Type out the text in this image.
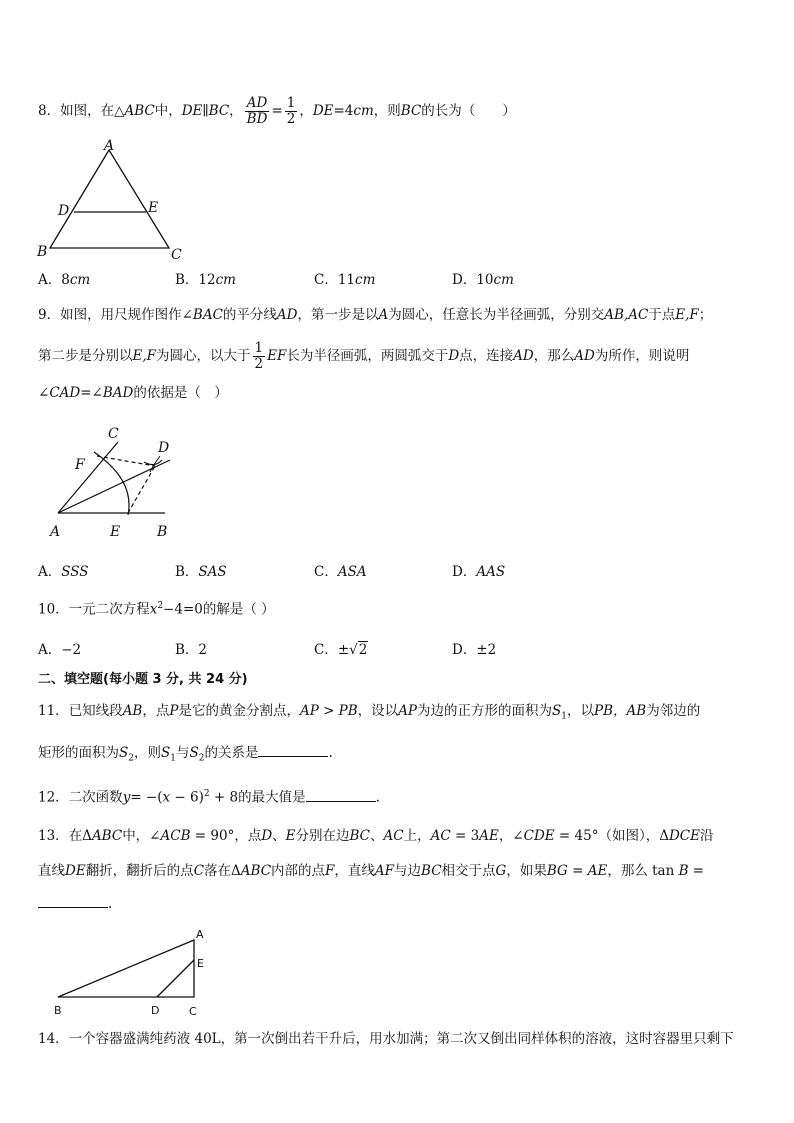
8．如图，在△ABC中，DE∥BC， $\frac{AD}{BD} = \frac{1}{2}$ ，DE=4cm，则BC的长为（　　）
A
D	E
B	C
A．8cm	B．12cm	C．11cm	D．10cm
9．如图，用尺规作图作∠BAC的平分线AD，第一步是以A为圆心，任意长为半径画弧，分别交AB,AC于点E,F；
第二步是分别以E,F为圆心，以大于 $\frac{1}{2}$ EF长为半径画弧，两圆弧交于D点，连接AD，那么AD为所作，则说明
∠CAD=∠BAD的依据是（　）
C
D
F
A	E	B
A．SSS	B．SAS	C．ASA	D．AAS
10．一元二次方程$x^2-4=0$的解是（ ）
A．−2	B．2	C．±√2	D．±2
二、填空题(每小题 3 分, 共 24 分)
11．已知线段AB，点P是它的黄金分割点，AP > PB，设以AP为边的正方形的面积为$S_1$，以PB，AB为邻边的
矩形的面积为$S_2$，则$S_1$与$S_2$的关系是	.
12．二次函数$y= -(x - 6)^2 + 8$的最大值是	.
13．在ΔABC中，∠ACB = 90°，点D、E分别在边BC、AC上，AC = 3AE，∠CDE = 45°（如图），ΔDCE沿
直线DE翻折，翻折后的点C落在ΔABC内部的点F，直线AF与边BC相交于点G，如果BG = AE，那么 tan B =
.
A
E
B	D	C
14．一个容器盛满纯药液 40L，第一次倒出若干升后，用水加满；第二次又倒出同样体积的溶液，这时容器里只剩下
